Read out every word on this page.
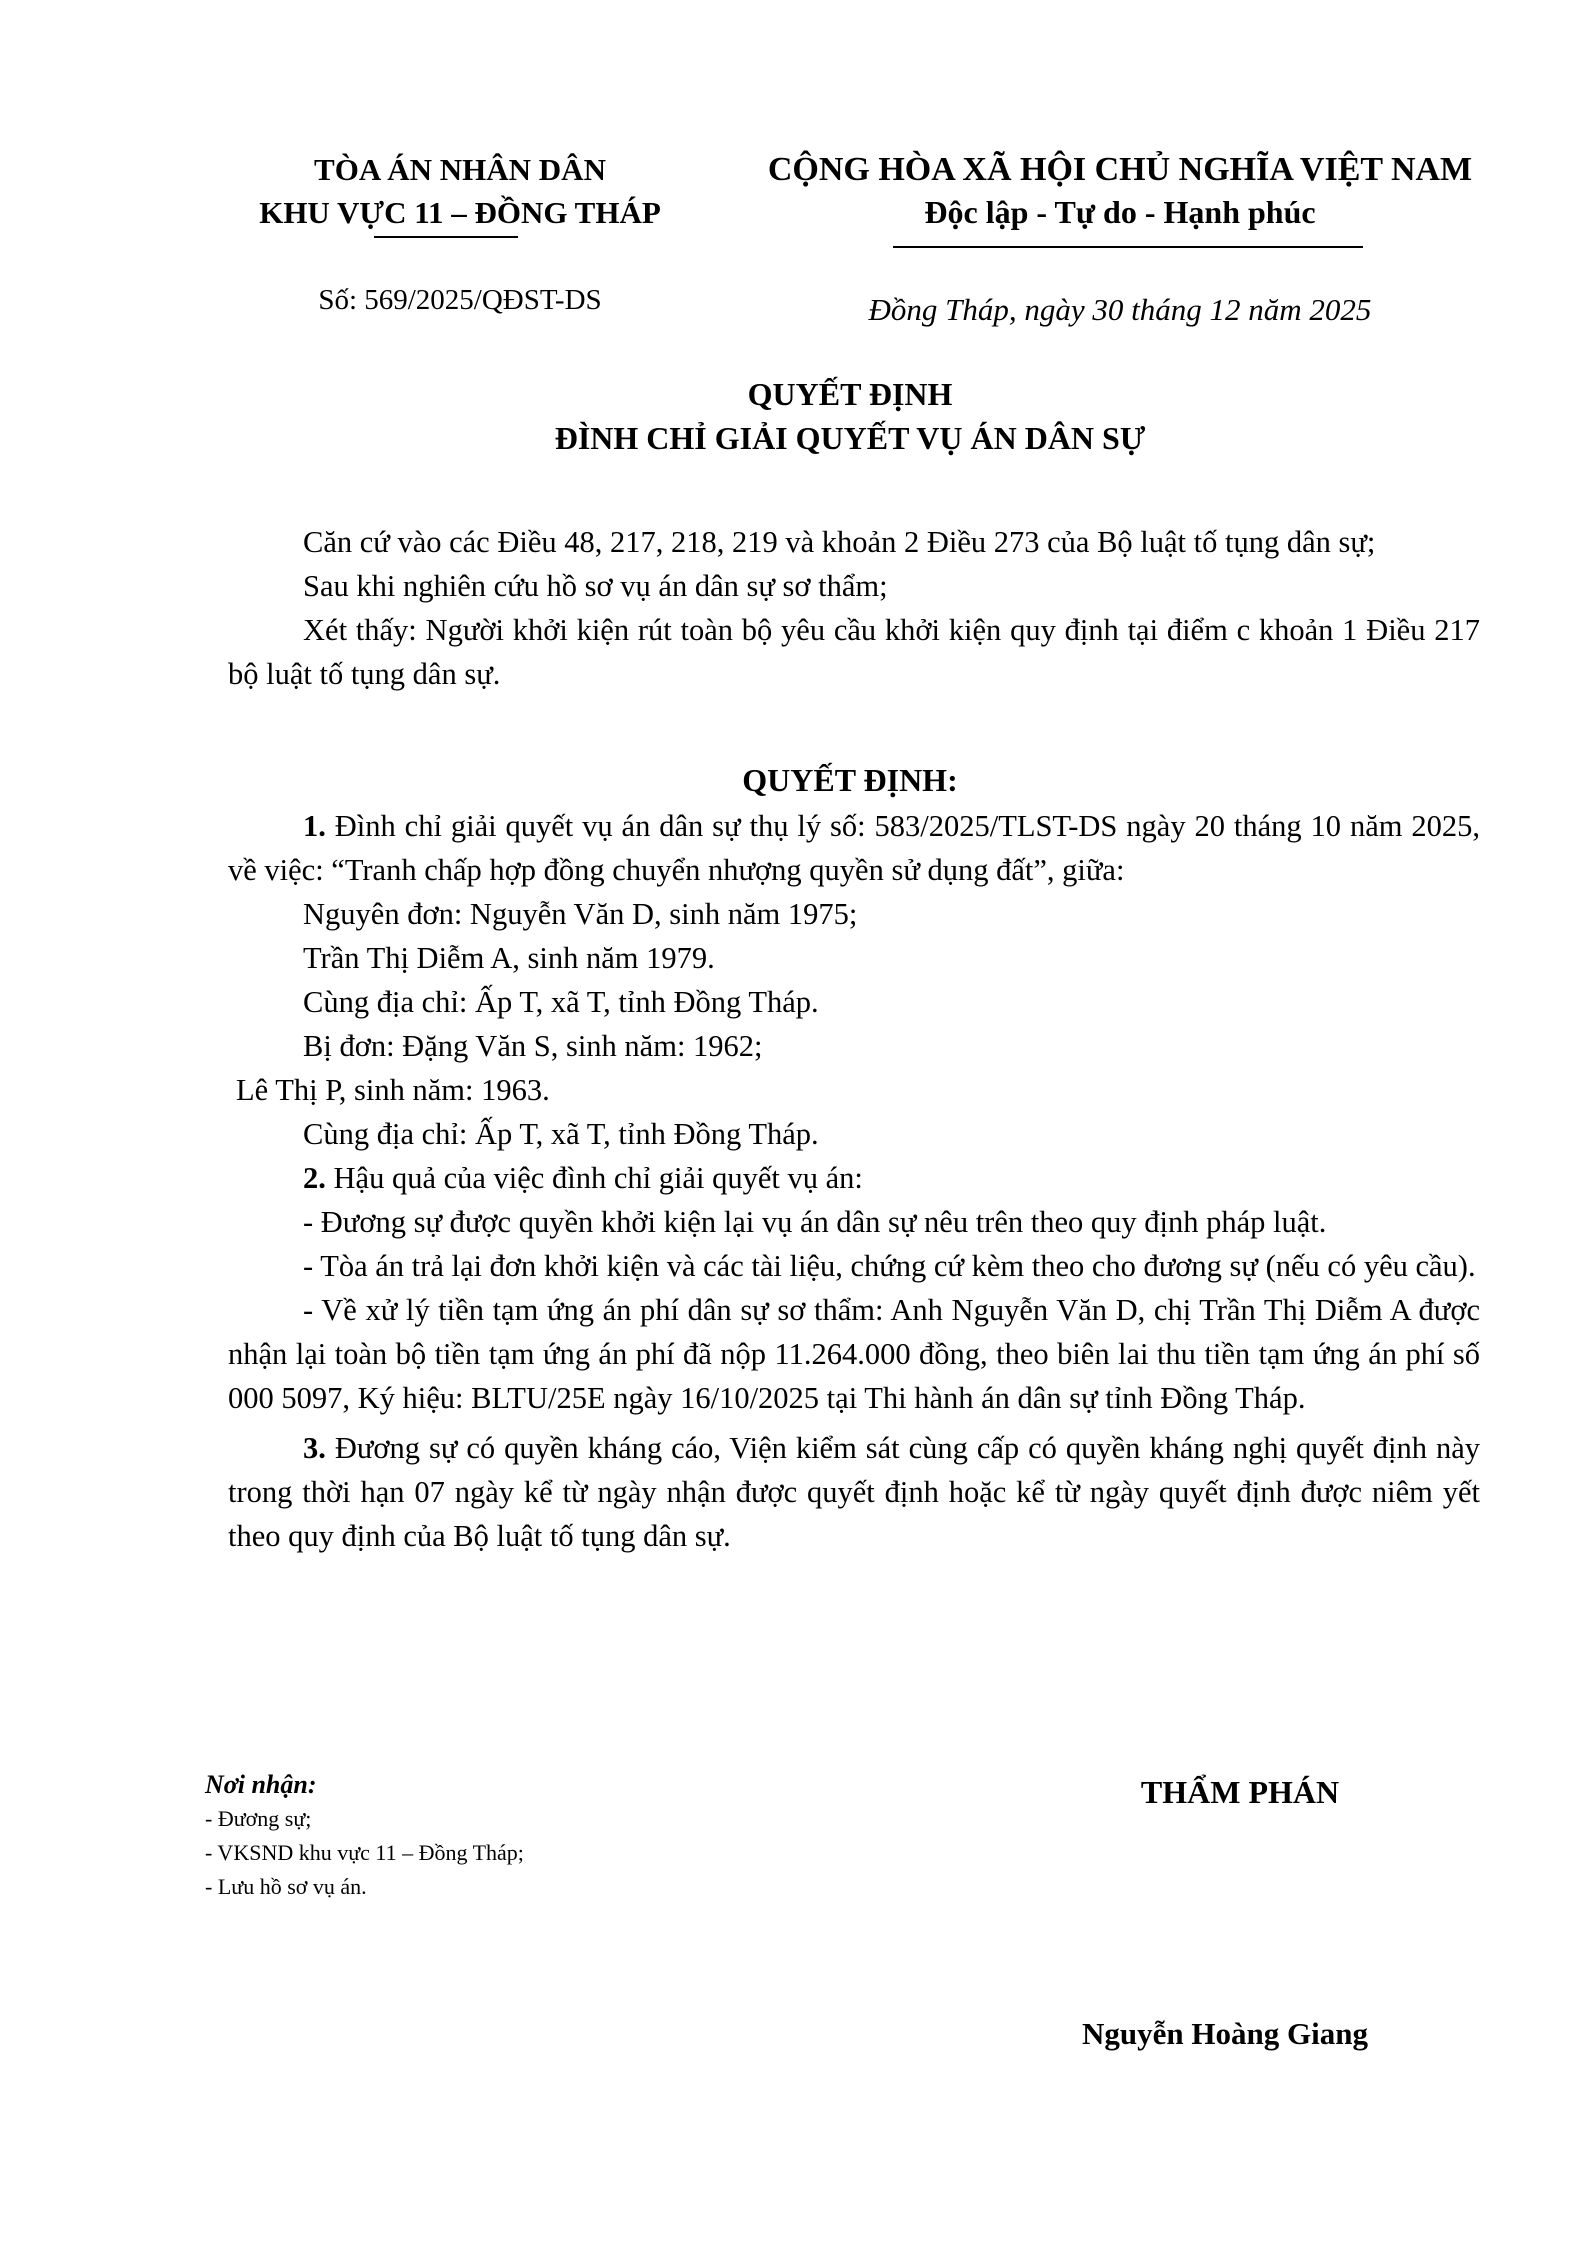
TÒA ÁN NHÂN DÂN
KHU VỰC 11 – ĐỒNG THÁP
Số: 569/2025/QĐST-DS
CỘNG HÒA XÃ HỘI CHỦ NGHĨA VIỆT NAM
Độc lập - Tự do - Hạnh phúc
Đồng Tháp, ngày 30 tháng 12 năm 2025
QUYẾT ĐỊNH
ĐÌNH CHỈ GIẢI QUYẾT VỤ ÁN DÂN SỰ

Căn cứ vào các Điều 48, 217, 218, 219 và khoản 2 Điều 273 của Bộ luật tố tụng dân sự;

Sau khi nghiên cứu hồ sơ vụ án dân sự sơ thẩm;

Xét thấy: Người khởi kiện rút toàn bộ yêu cầu khởi kiện quy định tại điểm c khoản 1 Điều 217 bộ luật tố tụng dân sự.

QUYẾT ĐỊNH:

1. Đình chỉ giải quyết vụ án dân sự thụ lý số: 583/2025/TLST-DS ngày 20 tháng 10 năm 2025, về việc: “Tranh chấp hợp đồng chuyển nhượng quyền sử dụng đất”, giữa:

Nguyên đơn: Nguyễn Văn D, sinh năm 1975;

Trần Thị Diễm A, sinh năm 1979.

Cùng địa chỉ: Ấp T, xã T, tỉnh Đồng Tháp.

Bị đơn: Đặng Văn S, sinh năm: 1962;

Lê Thị P, sinh năm: 1963.

Cùng địa chỉ: Ấp T, xã T, tỉnh Đồng Tháp.

2. Hậu quả của việc đình chỉ giải quyết vụ án:

- Đương sự được quyền khởi kiện lại vụ án dân sự nêu trên theo quy định pháp luật.

- Tòa án trả lại đơn khởi kiện và các tài liệu, chứng cứ kèm theo cho đương sự (nếu có yêu cầu).

- Về xử lý tiền tạm ứng án phí dân sự sơ thẩm: Anh Nguyễn Văn D, chị Trần Thị Diễm A được nhận lại toàn bộ tiền tạm ứng án phí đã nộp 11.264.000 đồng, theo biên lai thu tiền tạm ứng án phí số 000 5097, Ký hiệu: BLTU/25E ngày 16/10/2025 tại Thi hành án dân sự tỉnh Đồng Tháp.

3. Đương sự có quyền kháng cáo, Viện kiểm sát cùng cấp có quyền kháng nghị quyết định này trong thời hạn 07 ngày kể từ ngày nhận được quyết định hoặc kể từ ngày quyết định được niêm yết theo quy định của Bộ luật tố tụng dân sự.

Nơi nhận:
- Đương sự;
- VKSND khu vực 11 – Đồng Tháp;
- Lưu hồ sơ vụ án.
THẨM PHÁN
Nguyễn Hoàng Giang
